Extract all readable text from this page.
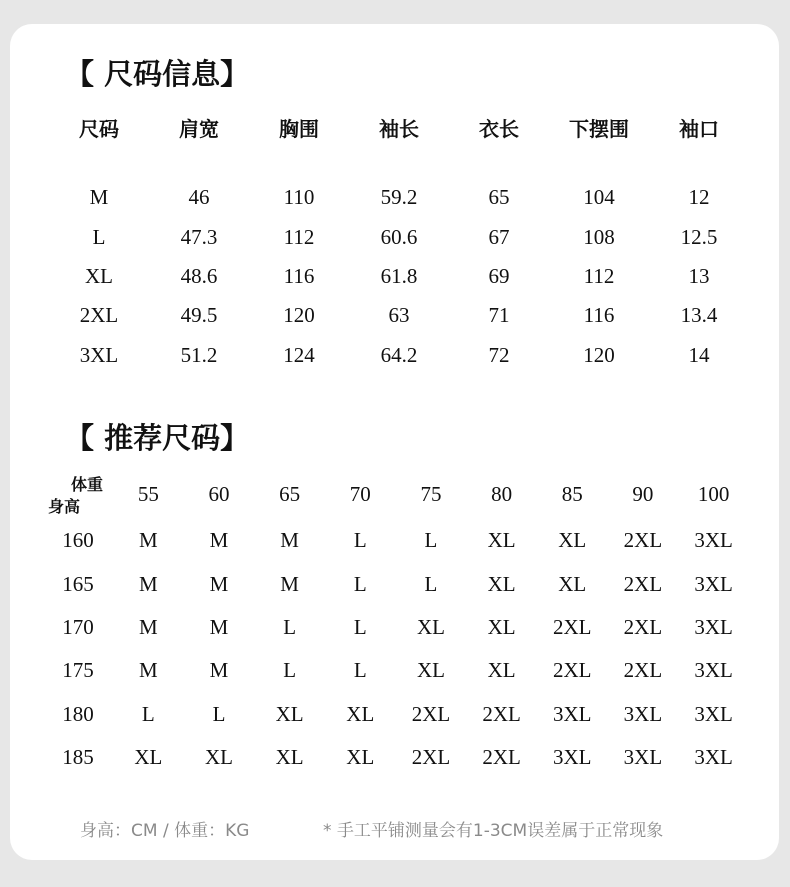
【 尺码信息】
尺码	肩宽	胸围	袖长	衣长	下摆围	袖口

M	46	110	59.2	65	104	12
L	47.3	112	60.6	67	108	12.5
XL	48.6	116	61.8	69	112	13
2XL	49.5	120	63	71	116	13.4
3XL	51.2	124	64.2	72	120	14
【 推荐尺码】
体重
身高	55	60	65	70	75	80	85	90	100
160	M	M	M	L	L	XL	XL	2XL	3XL
165	M	M	M	L	L	XL	XL	2XL	3XL
170	M	M	L	L	XL	XL	2XL	2XL	3XL
175	M	M	L	L	XL	XL	2XL	2XL	3XL
180	L	L	XL	XL	2XL	2XL	3XL	3XL	3XL
185	XL	XL	XL	XL	2XL	2XL	3XL	3XL	3XL
身高：CM / 体重：KG	* 手工平铺测量会有1-3CM误差属于正常现象
